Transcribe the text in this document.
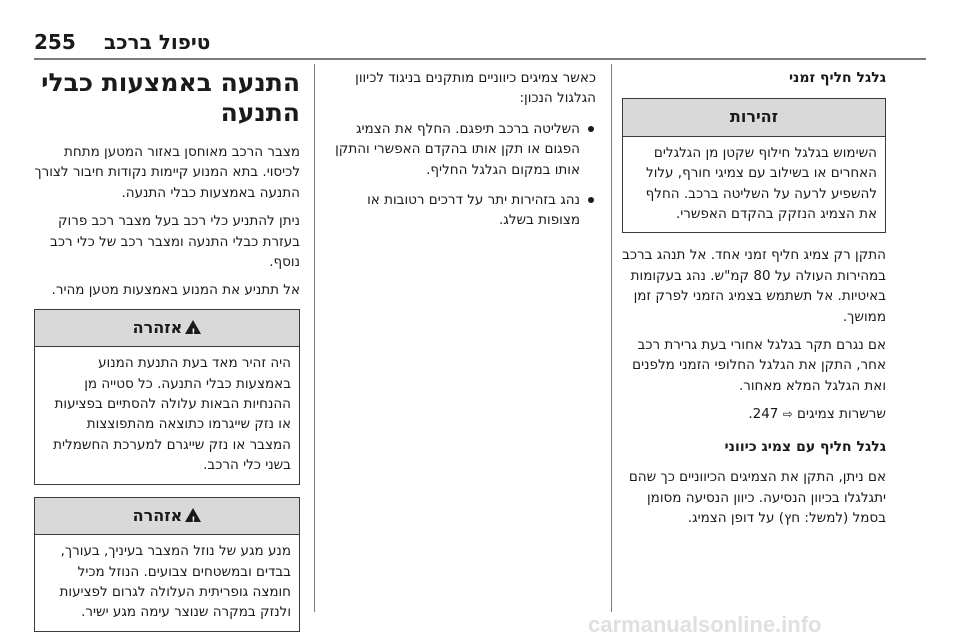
255 טיפול ברכב
התנעה באמצעות כבלי התנעה

מצבר הרכב מאוחסן באזור המטען מתחת לכיסוי. בתא המנוע קיימות נקודות חיבור לצורך התנעה באמצעות כבלי התנעה.

ניתן להתניע כלי רכב בעל מצבר רכב פרוק בעזרת כבלי התנעה ומצבר רכב של כלי רכב נוסף.

אל תתניע את המנוע באמצעות מטען מהיר.

!אזהרה
היה זהיר מאד בעת התנעת המנוע באמצעות כבלי התנעה. כל סטייה מן ההנחיות הבאות עלולה להסתיים בפציעות או נזק שייגרמו כתוצאה מהתפוצצות המצבר או נזק שייגרם למערכת החשמלית בשני כלי הרכב.
!אזהרה
מנע מגע של נוזל המצבר בעיניך, בעורך, בבדים ובמשטחים צבועים. הנוזל מכיל חומצה גופריתית העלולה לגרום לפציעות ולנזק במקרה שנוצר עימה מגע ישיר.

כאשר צמיגים כיווניים מותקנים בניגוד לכיוון הגלגול הנכון:

השליטה ברכב תיפגם. החלף את הצמיג הפגום או תקן אותו בהקדם האפשרי והתקן אותו במקום הגלגל החליף.
נהג בזהירות יתר על דרכים רטובות או מצופות בשלג.
גלגל חליף זמני
זהירות
השימוש בגלגל חילוף שקטן מן הגלגלים האחרים או בשילוב עם צמיגי חורף, עלול להשפיע לרעה על השליטה ברכב. החלף את הצמיג הנזקק בהקדם האפשרי.

התקן רק צמיג חליף זמני אחד. אל תנהג ברכב במהירות העולה על 80 קמ"ש. נהג בעקומות באיטיות. אל תשתמש בצמיג הזמני לפרק זמן ממושך.

אם נגרם תקר בגלגל אחורי בעת גרירת רכב אחר, התקן את הגלגל החלופי הזמני מלפנים ואת הגלגל המלא מאחור.

שרשרות צמיגים ⇨ 247.

גלגל חליף עם צמיג כיווני

אם ניתן, התקן את הצמיגים הכיווניים כך שהם יתגלגלו בכיוון הנסיעה. כיוון הנסיעה מסומן בסמל (למשל: חץ) על דופן הצמיג.

carmanualsonline.info
